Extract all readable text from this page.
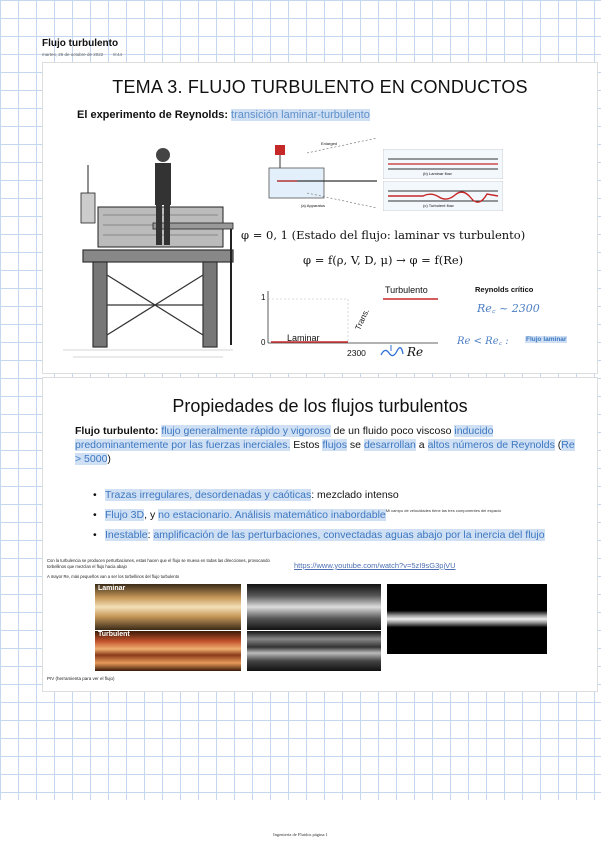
Flujo turbulento
martes, 25 de octubre de 2022 8:44
TEMA 3. FLUJO TURBULENTO EN CONDUCTOS
El experimento de Reynolds: transición laminar-turbulento
Enlarged
(a) Apparatus
(b) Laminar flow
(c) Turbulent flow
φ = 0, 1 (Estado del flujo: laminar vs turbulento)
φ = f(ρ, V, D, μ) → φ = f(Re)
1
0 Laminar
Turbulento
Trans.
2300	Re
Reynolds crítico
Re꜀ ~ 2300
Re < Re꜀ :	Flujo laminar
Propiedades de los flujos turbulentos
Flujo turbulento: flujo generalmente rápido y vigoroso de un fluido poco viscoso inducido predominantemente por las fuerzas inerciales. Estos flujos se desarrollan a altos números de Reynolds (Re > 5000)
• Trazas irregulares, desordenadas y caóticas: mezclado intenso
• Flujo 3D, y no estacionario. Análisis matemático inabordableMi campo de velocidades tiene las tres componentes del espacio
• Inestable: amplificación de las perturbaciones, convectadas aguas abajo por la inercia del flujo
Con la turbulencia se producen perturbaciones, estas hacen que el flujo se mueva en todas las direcciones, provocando torbellinos que mezclan el flujo hacia abajo
A mayor Re, más pequeños van a ser los torbellinos del flujo turbulento
https://www.youtube.com/watch?v=5zI9sG3pjVU
Laminar
Turbulent
PIV (herramienta para ver el flujo)
Ingeniería de Fluidos página 1
